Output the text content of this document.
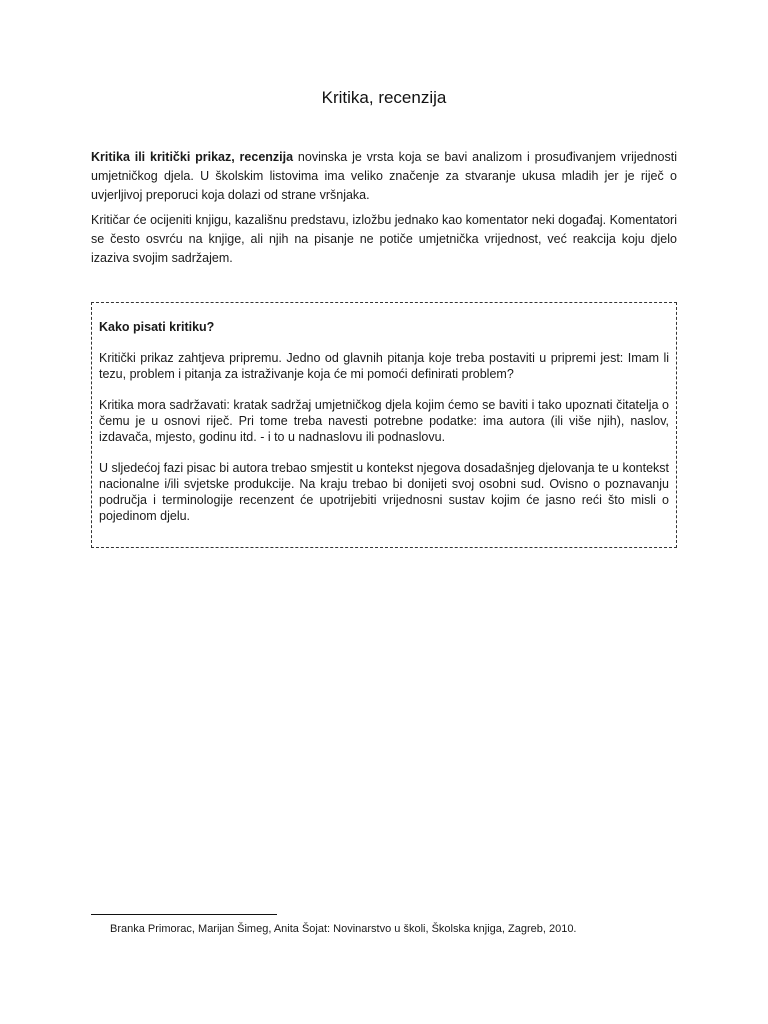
Kritika, recenzija

Kritika ili kritički prikaz, recenzija novinska je vrsta koja se bavi analizom i prosuđivanjem vrijednosti umjetničkog djela. U školskim listovima ima veliko značenje za stvaranje ukusa mladih jer je riječ o uvjerljivoj preporuci koja dolazi od strane vršnjaka.

Kritičar će ocijeniti knjigu, kazališnu predstavu, izložbu jednako kao komentator neki događaj. Komentatori se često osvrću na knjige, ali njih na pisanje ne potiče umjetnička vrijednost, već reakcija koju djelo izaziva svojim sadržajem.

Kako pisati kritiku?

Kritički prikaz zahtjeva pripremu. Jedno od glavnih pitanja koje treba postaviti u pripremi jest: Imam li tezu, problem i pitanja za istraživanje koja će mi pomoći definirati problem?

Kritika mora sadržavati: kratak sadržaj umjetničkog djela kojim ćemo se baviti i tako upoznati čitatelja o čemu je u osnovi riječ. Pri tome treba navesti potrebne podatke: ima autora (ili više njih), naslov, izdavača, mjesto, godinu itd. - i to u nadnaslovu ili podnaslovu.

U sljedećoj fazi pisac bi autora trebao smjestit u kontekst njegova dosadašnjeg djelovanja te u kontekst nacionalne i/ili svjetske produkcije. Na kraju trebao bi donijeti svoj osobni sud. Ovisno o poznavanju područja i terminologije recenzent će upotrijebiti vrijednosni sustav kojim će jasno reći što misli o pojedinom djelu.

Branka Primorac, Marijan Šimeg, Anita Šojat: Novinarstvo u školi, Školska knjiga, Zagreb, 2010.
